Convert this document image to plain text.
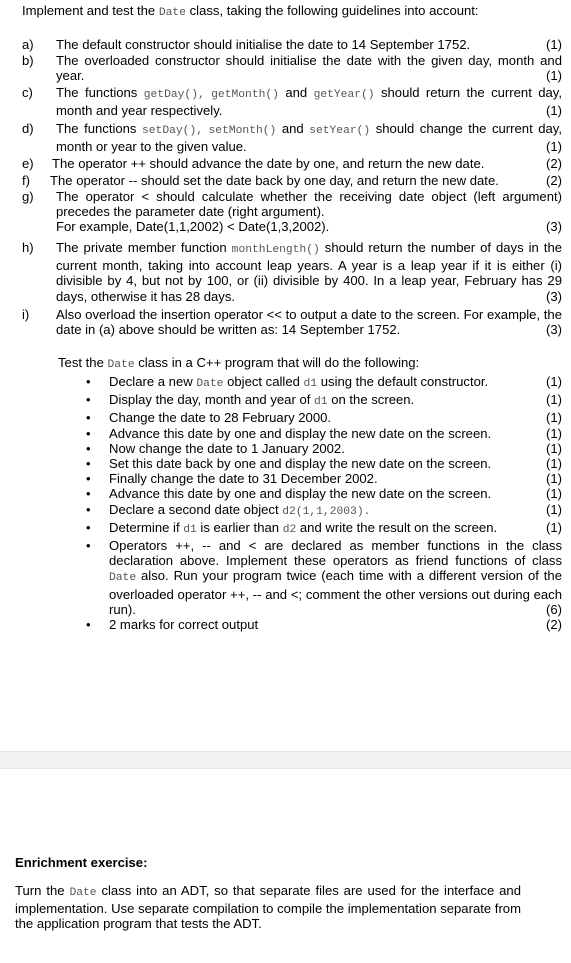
Implement and test the Date class, taking the following guidelines into account:
a)	The default constructor should initialise the date to 14 September 1752.	(1)
b)	The overloaded constructor should initialise the date with the given day, month and year.	(1)
c)	The functions getDay(), getMonth() and getYear() should return the current day, month and year respectively.	(1)
d)	The functions setDay(), setMonth() and setYear() should change the current day, month or year to the given value.	(1)
e)	The operator ++ should advance the date by one, and return the new date.	(2)
f)	The operator -- should set the date back by one day, and return the new date.	(2)
g)	The operator < should calculate whether the receiving date object (left argument) precedes the parameter date (right argument).
For example, Date(1,1,2002) < Date(1,3,2002).	(3)
h)	The private member function monthLength() should return the number of days in the current month, taking into account leap years. A year is a leap year if it is either (i) divisible by 4, but not by 100, or (ii) divisible by 400. In a leap year, February has 29 days, otherwise it has 28 days.	(3)
i)	Also overload the insertion operator << to output a date to the screen. For example, the date in (a) above should be written as: 14 September 1752.	(3)
Test the Date class in a C++ program that will do the following:
• Declare a new Date object called d1 using the default constructor.	(1)
• Display the day, month and year of d1 on the screen.	(1)
• Change the date to 28 February 2000.	(1)
• Advance this date by one and display the new date on the screen.	(1)
• Now change the date to 1 January 2002.	(1)
• Set this date back by one and display the new date on the screen.	(1)
• Finally change the date to 31 December 2002.	(1)
• Advance this date by one and display the new date on the screen.	(1)
• Declare a second date object d2(1,1,2003).	(1)
• Determine if d1 is earlier than d2 and write the result on the screen.	(1)
• Operators ++, -- and < are declared as member functions in the class declaration above. Implement these operators as friend functions of class Date also. Run your program twice (each time with a different version of the overloaded operator ++, -- and <; comment the other versions out during each run).	(6)
• 2 marks for correct output	(2)
Enrichment exercise:
Turn the Date class into an ADT, so that separate files are used for the interface and implementation. Use separate compilation to compile the implementation separate from the application program that tests the ADT.
